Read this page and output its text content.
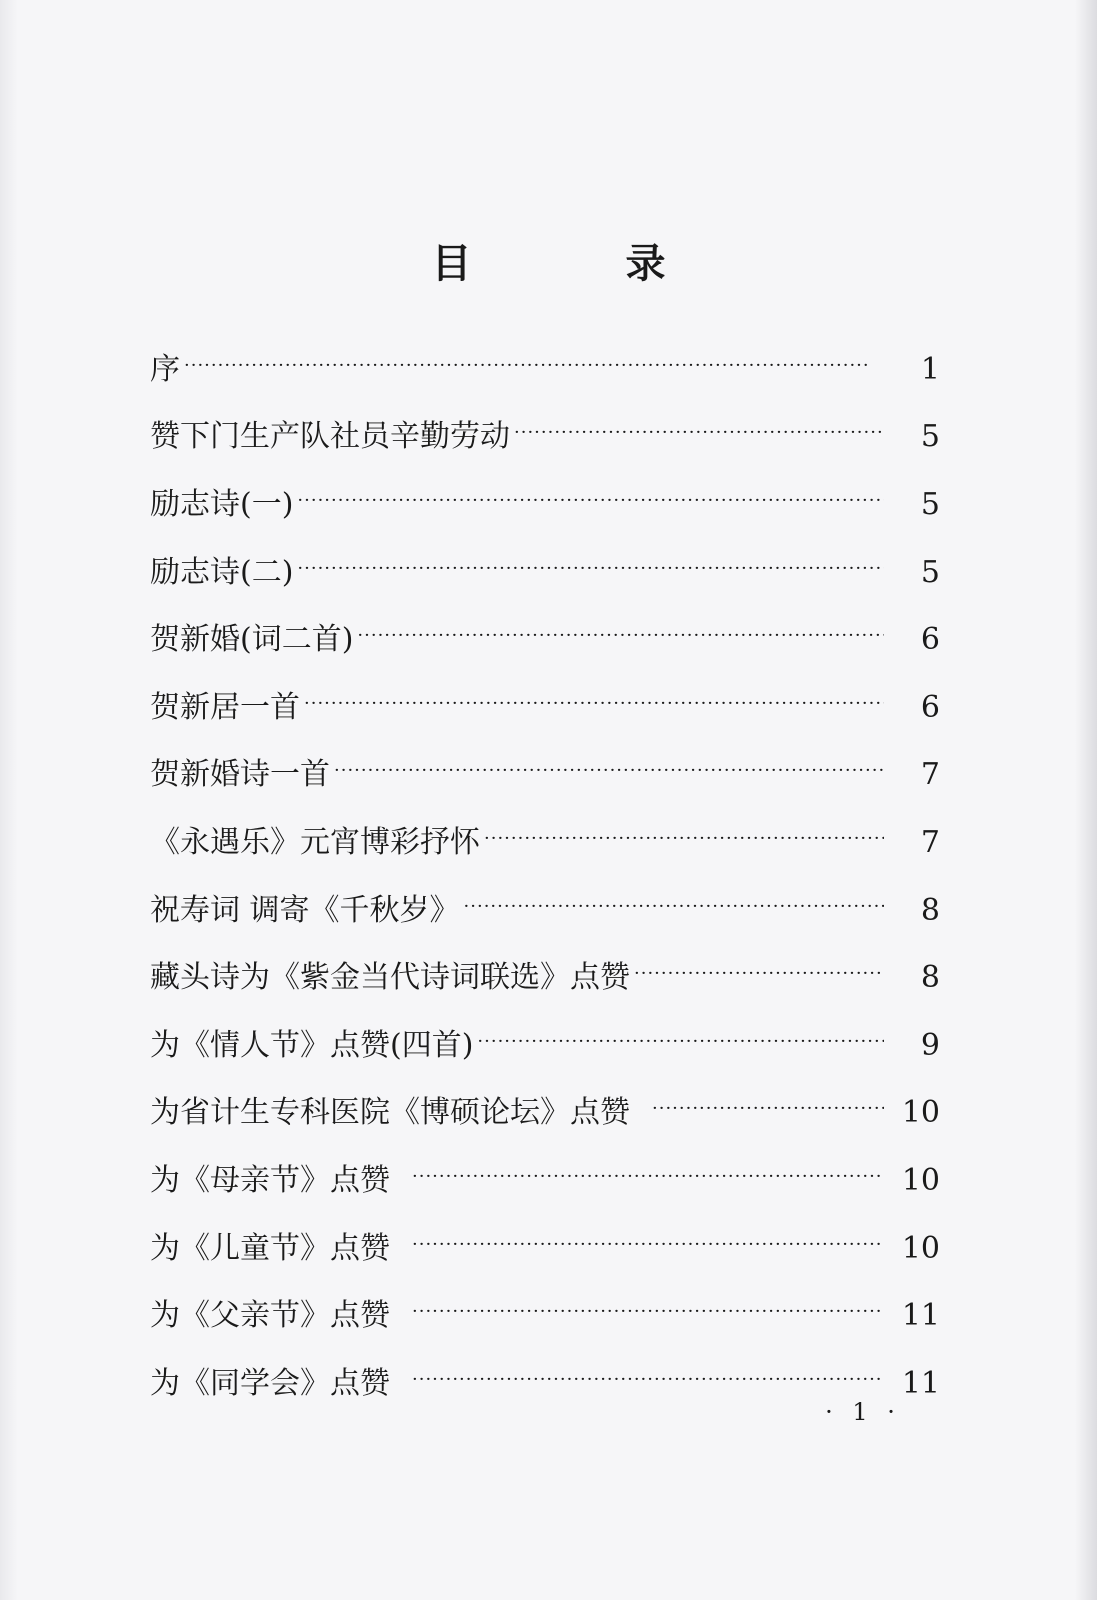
目 录
序 ·····	1
赞下门生产队社员辛勤劳动 ·····	5
励志诗(一) ·····	5
励志诗(二) ·····	5
贺新婚(词二首) ·····	6
贺新居一首 ·····	6
贺新婚诗一首 ·····	7
《永遇乐》元宵博彩抒怀 ·····	7
祝寿词 调寄《千秋岁》 ·····	8
藏头诗为《紫金当代诗词联选》点赞 ·····	8
为《情人节》点赞(四首) ·····	9
为省计生专科医院《博硕论坛》点赞 ·····	10
为《母亲节》点赞 ·····	10
为《儿童节》点赞 ·····	10
为《父亲节》点赞 ·····	11
为《同学会》点赞 ·····	11
· 1 ·
